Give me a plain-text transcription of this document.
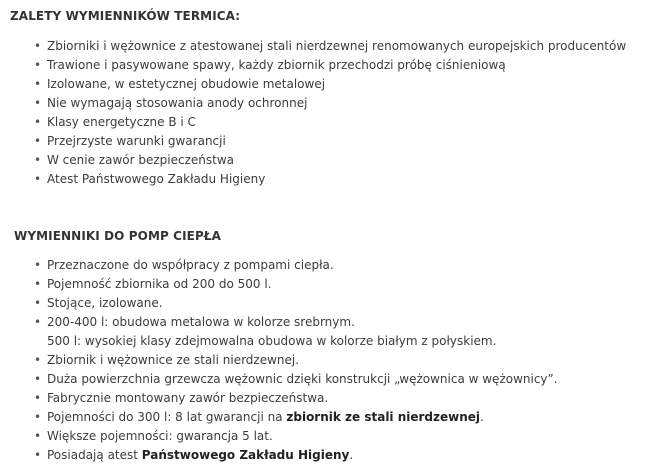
ZALETY WYMIENNIKÓW TERMICA:
• Zbiorniki i wężownice z atestowanej stali nierdzewnej renomowanych europejskich producentów
• Trawione i pasywowane spawy, każdy zbiornik przechodzi próbę ciśnieniową
• Izolowane, w estetycznej obudowie metalowej
• Nie wymagają stosowania anody ochronnej
• Klasy energetyczne B i C
• Przejrzyste warunki gwarancji
• W cenie zawór bezpieczeństwa
• Atest Państwowego Zakładu Higieny
WYMIENNIKI DO POMP CIEPŁA
• Przeznaczone do współpracy z pompami ciepła.
• Pojemność zbiornika od 200 do 500 l.
• Stojące, izolowane.
• 200-400 l: obudowa metalowa w kolorze srebrnym.
500 l: wysokiej klasy zdejmowalna obudowa w kolorze białym z połyskiem.
• Zbiornik i wężownice ze stali nierdzewnej.
• Duża powierzchnia grzewcza wężownic dzięki konstrukcji „wężownica w wężownicy”.
• Fabrycznie montowany zawór bezpieczeństwa.
• Pojemności do 300 l: 8 lat gwarancji na zbiornik ze stali nierdzewnej.
• Większe pojemności: gwarancja 5 lat.
• Posiadają atest Państwowego Zakładu Higieny.
